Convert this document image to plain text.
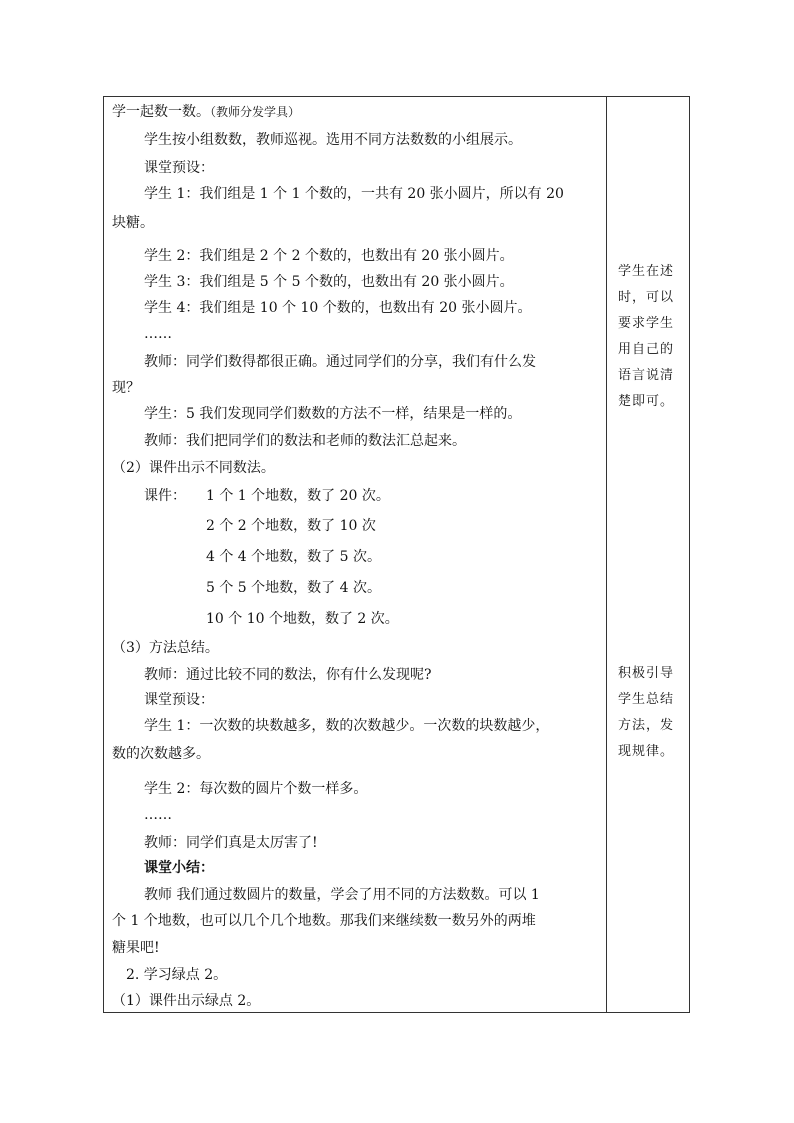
学一起数一数。（教师分发学具）
学生按小组数数，教师巡视。选用不同方法数数的小组展示。
课堂预设：
学生 1：我们组是 1 个 1 个数的，一共有 20 张小圆片，所以有 20
块糖。
学生 2：我们组是 2 个 2 个数的，也数出有 20 张小圆片。
学生 3：我们组是 5 个 5 个数的，也数出有 20 张小圆片。
学生 4：我们组是 10 个 10 个数的，也数出有 20 张小圆片。
……
教师：同学们数得都很正确。通过同学们的分享，我们有什么发
现？
学生：5 我们发现同学们数数的方法不一样，结果是一样的。
教师：我们把同学们的数法和老师的数法汇总起来。
（2）课件出示不同数法。
课件： 1 个 1 个地数，数了 20 次。
2 个 2 个地数，数了 10 次
4 个 4 个地数，数了 5 次。
5 个 5 个地数，数了 4 次。
10 个 10 个地数，数了 2 次。
（3）方法总结。
教师：通过比较不同的数法，你有什么发现呢?
课堂预设：
学生 1：一次数的块数越多，数的次数越少。一次数的块数越少，
数的次数越多。
学生 2：每次数的圆片个数一样多。
……
教师：同学们真是太厉害了!
课堂小结：
教师 我们通过数圆片的数量，学会了用不同的方法数数。可以 1
个 1 个地数，也可以几个几个地数。那我们来继续数一数另外的两堆
糖果吧!
2. 学习绿点 2。
（1）课件出示绿点 2。
学生在述时，可以要求学生用自己的语言说清楚即可。
积极引导学生总结方法，发现规律。
